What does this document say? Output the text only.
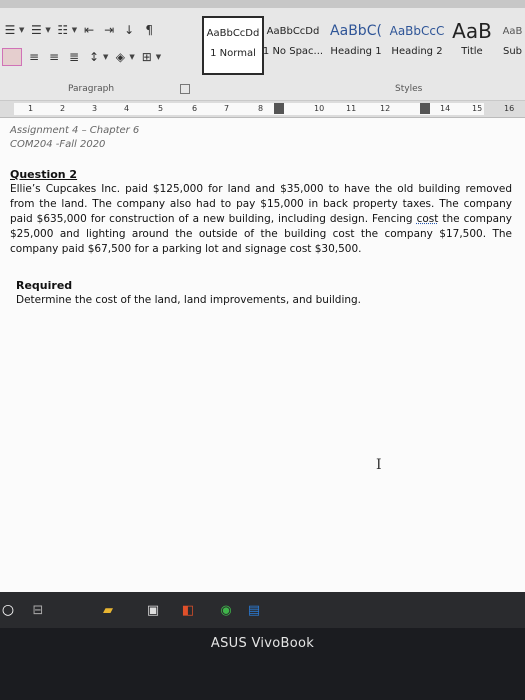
☰ ▼ ☰ ▼ ☷ ▼ ⇤ ⇥ ↓ ¶
≡ ≡ ≣ ↕ ▼ ◈ ▼ ⊞ ▼
AaBbCcDd
1 Normal
AaBbCcDd
1 No Spac...
AaBbC(
Heading 1
AaBbCcC
Heading 2
AaB
Title
AaB
Sub
Paragraph	Styles
1	2	3	4	5	6	7	8	10	11	12	14	15	16
Assignment 4 – Chapter 6
COM204 -Fall 2020
Question 2
Ellie’s Cupcakes Inc. paid $125,000 for land and $35,000 to have the old building removed from the land. The company also had to pay $15,000 in back property taxes. The company paid $635,000 for construction of a new building, including design. Fencing cost the company $25,000 and lighting around the outside of the building cost the company $17,500. The company paid $67,500 for a parking lot and signage cost $30,500.
Required
Determine the cost of the land, land improvements, and building.
I
○ ⊟	▰	▣ ◧ ◉ ▤
ASUS VivoBook
